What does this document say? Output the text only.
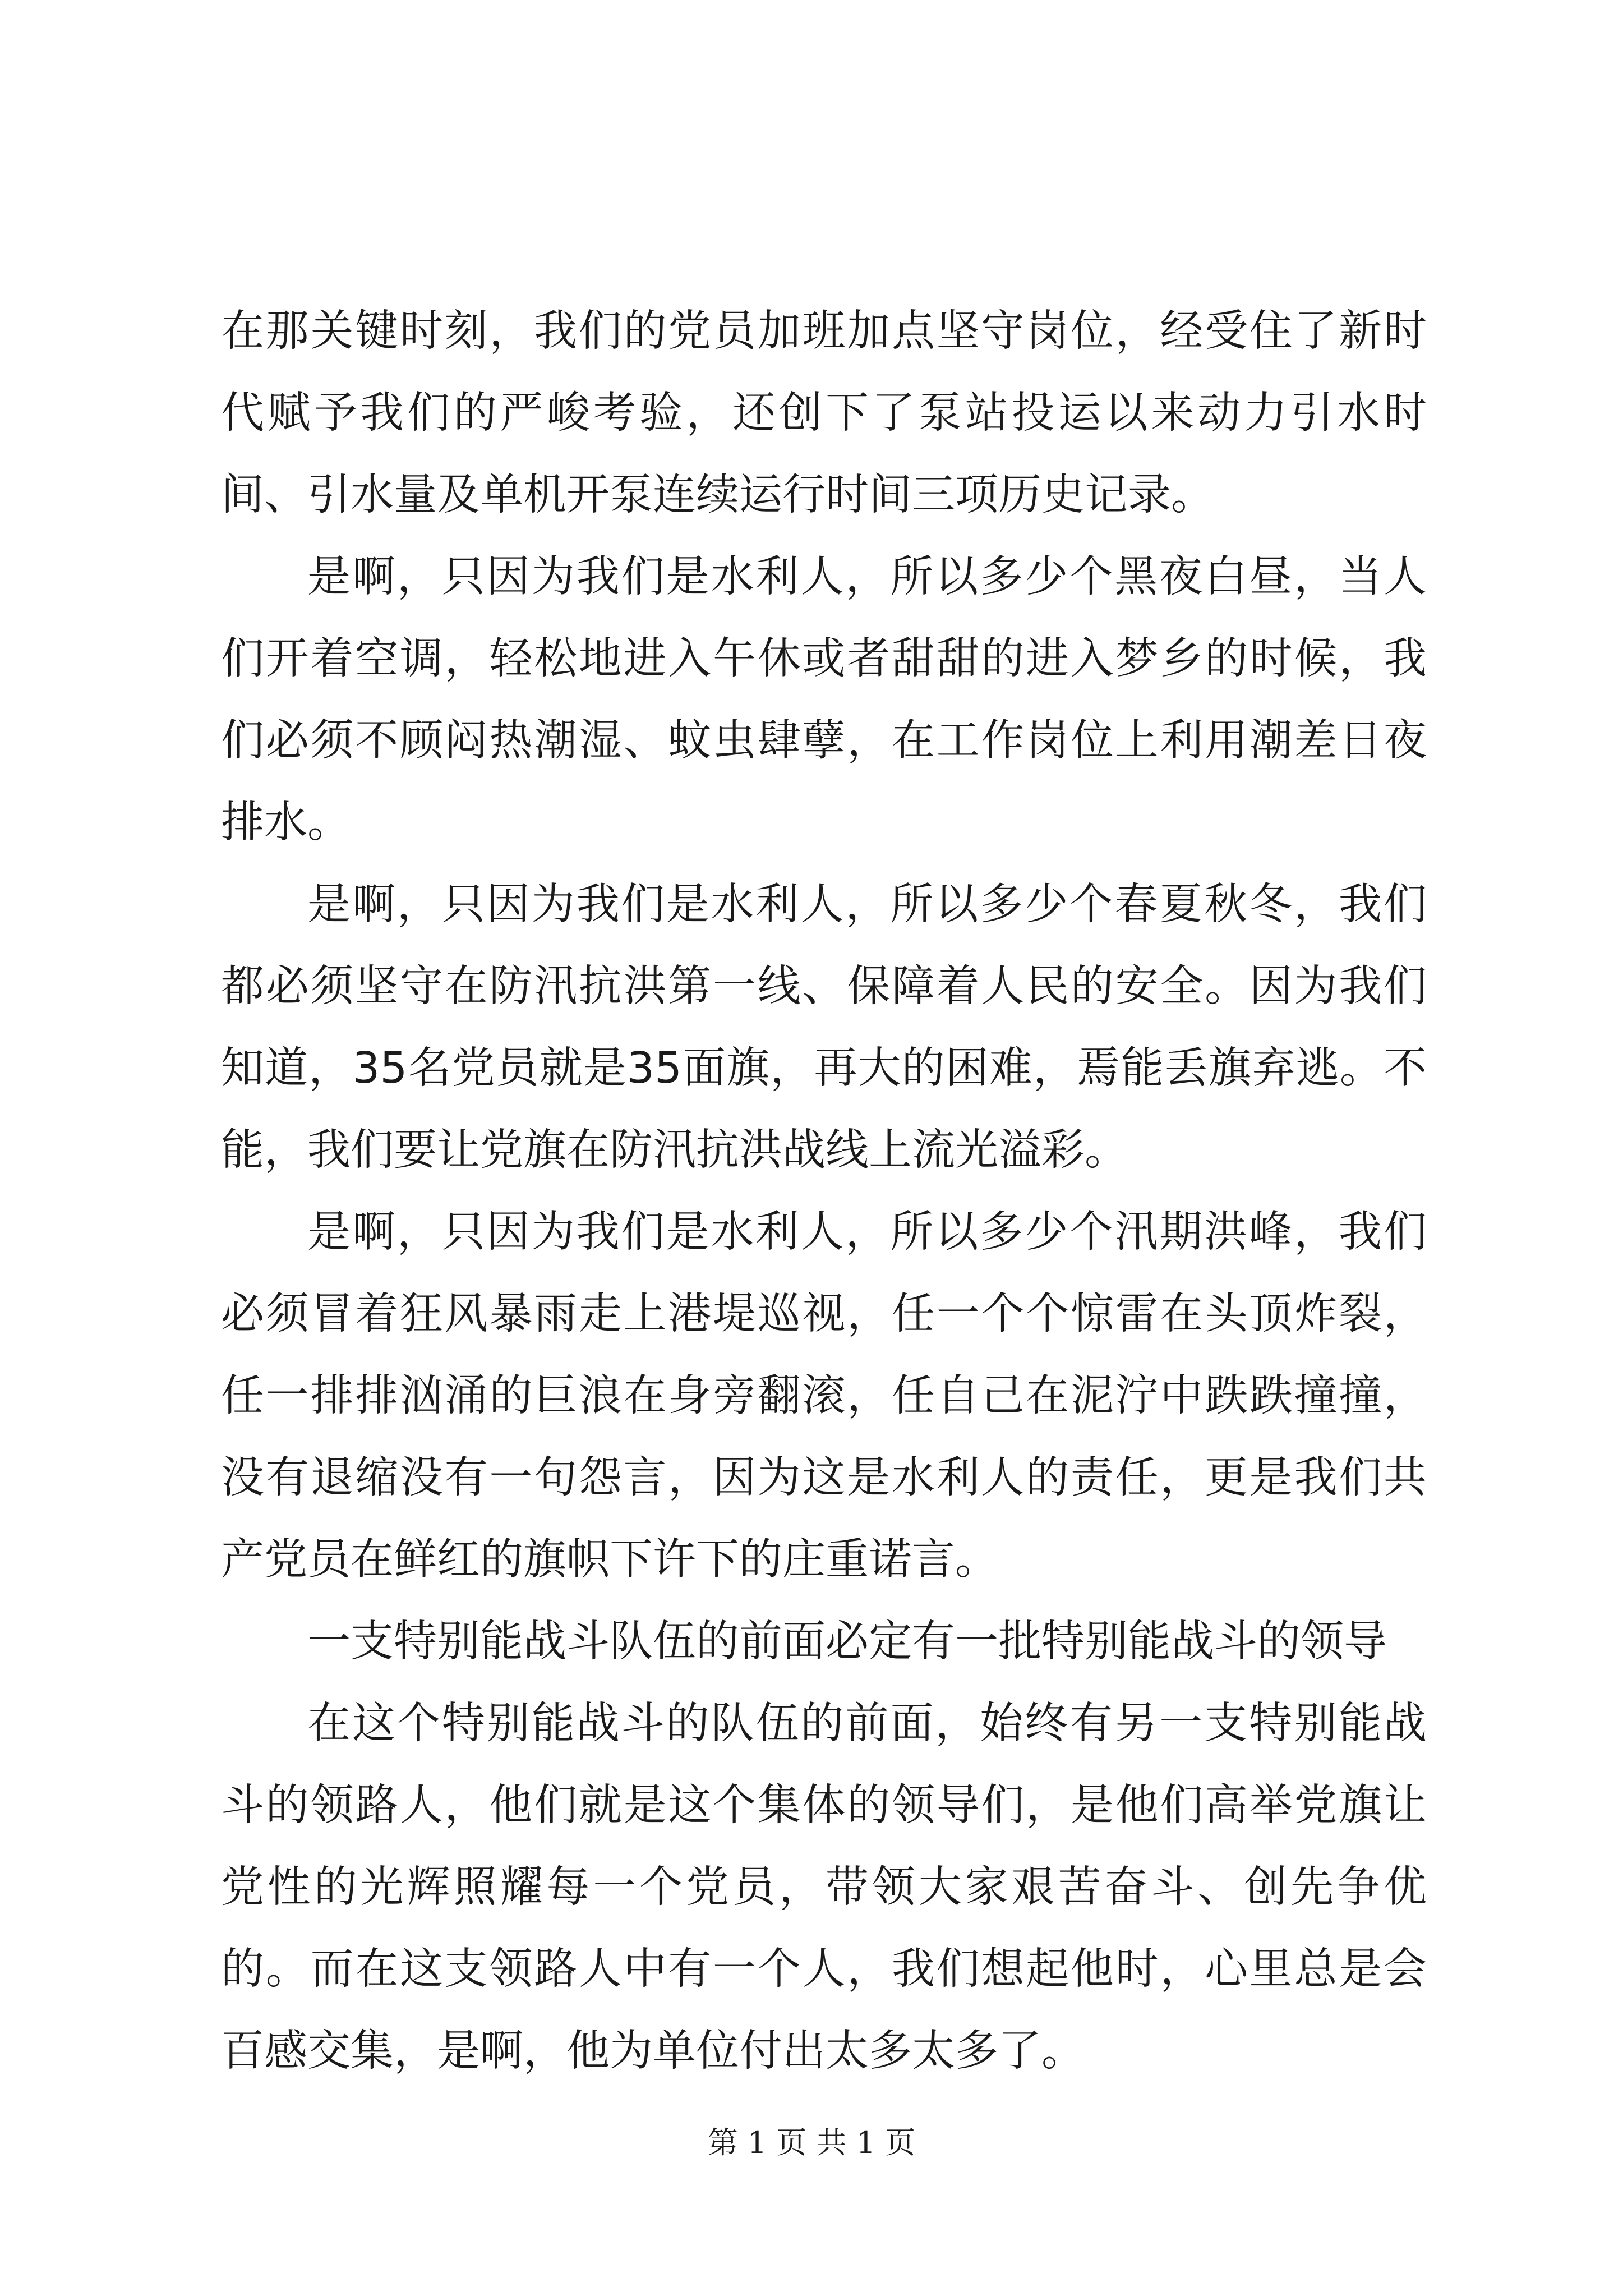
在那关键时刻，我们的党员加班加点坚守岗位，经受住了新时代赋予我们的严峻考验，还创下了泵站投运以来动力引水时间、引水量及单机开泵连续运行时间三项历史记录。

是啊，只因为我们是水利人，所以多少个黑夜白昼，当人们开着空调，轻松地进入午休或者甜甜的进入梦乡的时候，我们必须不顾闷热潮湿、蚊虫肆孽，在工作岗位上利用潮差日夜排水。

是啊，只因为我们是水利人，所以多少个春夏秋冬，我们都必须坚守在防汛抗洪第一线、保障着人民的安全。因为我们知道，35名党员就是35面旗，再大的困难，焉能丢旗弃逃。不能，我们要让党旗在防汛抗洪战线上流光溢彩。

是啊，只因为我们是水利人，所以多少个汛期洪峰，我们必须冒着狂风暴雨走上港堤巡视，任一个个惊雷在头顶炸裂，任一排排汹涌的巨浪在身旁翻滚，任自己在泥泞中跌跌撞撞，没有退缩没有一句怨言，因为这是水利人的责任，更是我们共产党员在鲜红的旗帜下许下的庄重诺言。

一支特别能战斗队伍的前面必定有一批特别能战斗的领导

在这个特别能战斗的队伍的前面，始终有另一支特别能战斗的领路人，他们就是这个集体的领导们，是他们高举党旗让党性的光辉照耀每一个党员，带领大家艰苦奋斗、创先争优的。而在这支领路人中有一个人，我们想起他时，心里总是会百感交集，是啊，他为单位付出太多太多了。

第 1 页 共 1 页
